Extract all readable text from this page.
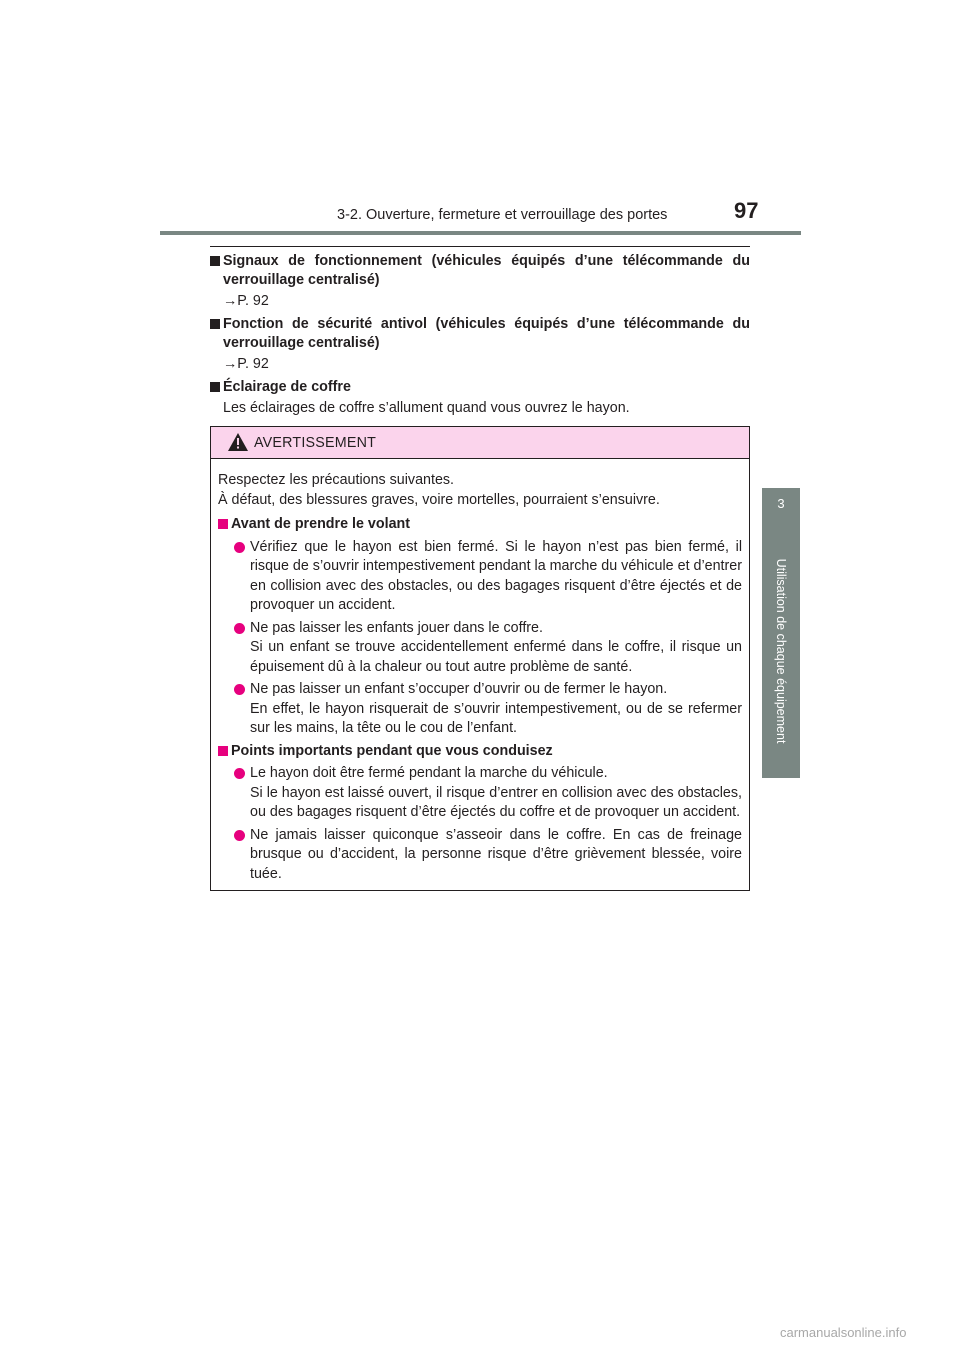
3-2. Ouverture, fermeture et verrouillage des portes	97
3
Utilisation de chaque équipement
Signaux de fonctionnement (véhicules équipés d’une télécommande du verrouillage centralisé)
→P. 92
Fonction de sécurité antivol (véhicules équipés d’une télécommande du verrouillage centralisé)
→P. 92
Éclairage de coffre
Les éclairages de coffre s’allument quand vous ouvrez le hayon.
AVERTISSEMENT
Respectez les précautions suivantes.
À défaut, des blessures graves, voire mortelles, pourraient s’ensuivre.
Avant de prendre le volant
Vérifiez que le hayon est bien fermé. Si le hayon n’est pas bien fermé, il risque de s’ouvrir intempestivement pendant la marche du véhicule et d’entrer en collision avec des obstacles, ou des bagages risquent d’être éjectés et de provoquer un accident.
Ne pas laisser les enfants jouer dans le coffre.
Si un enfant se trouve accidentellement enfermé dans le coffre, il risque un épuisement dû à la chaleur ou tout autre problème de santé.
Ne pas laisser un enfant s’occuper d’ouvrir ou de fermer le hayon.
En effet, le hayon risquerait de s’ouvrir intempestivement, ou de se refermer sur les mains, la tête ou le cou de l’enfant.
Points importants pendant que vous conduisez
Le hayon doit être fermé pendant la marche du véhicule.
Si le hayon est laissé ouvert, il risque d’entrer en collision avec des obstacles, ou des bagages risquent d’être éjectés du coffre et de provoquer un accident.
Ne jamais laisser quiconque s’asseoir dans le coffre. En cas de freinage brusque ou d’accident, la personne risque d’être grièvement blessée, voire tuée.
carmanualsonline.info
